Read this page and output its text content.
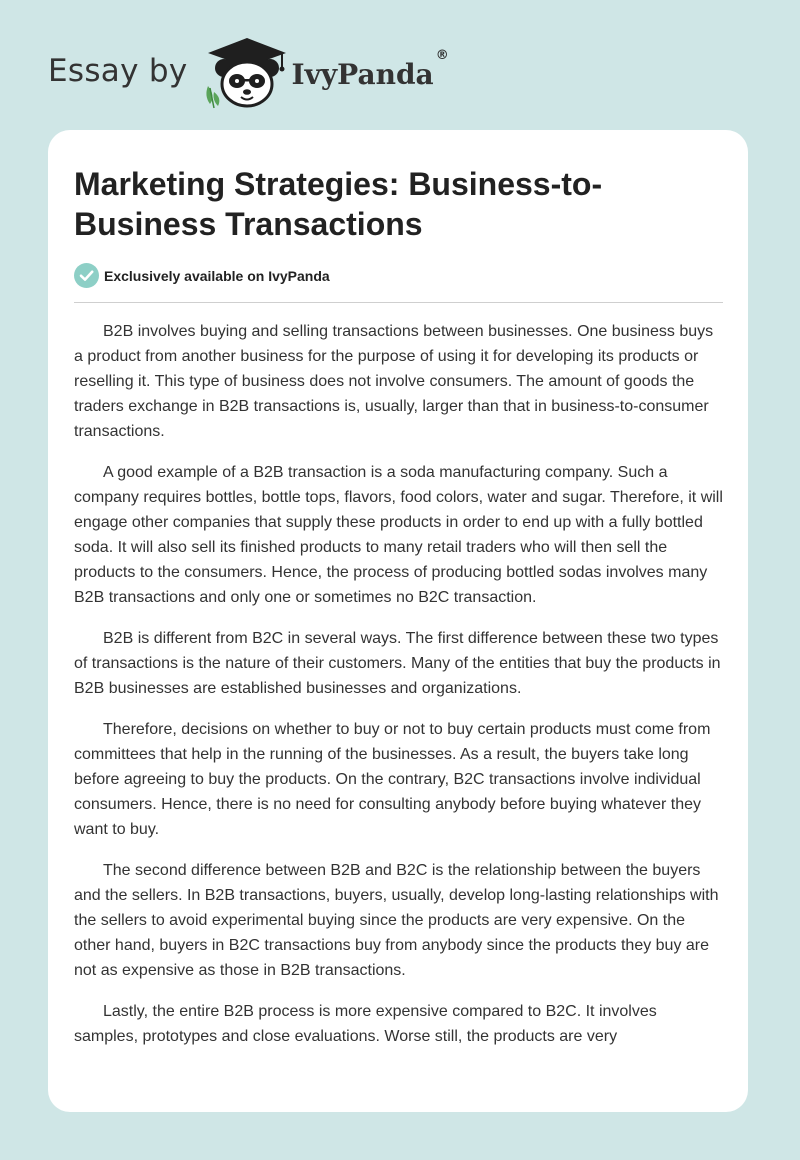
Essay by	IvyPanda®
Marketing Strategies: Business-to-Business Transactions
Exclusively available on IvyPanda

B2B involves buying and selling transactions between businesses. One business buys a product from another business for the purpose of using it for developing its products or reselling it. This type of business does not involve consumers. The amount of goods the traders exchange in B2B transactions is, usually, larger than that in business-to-consumer transactions.

A good example of a B2B transaction is a soda manufacturing company. Such a company requires bottles, bottle tops, flavors, food colors, water and sugar. Therefore, it will engage other companies that supply these products in order to end up with a fully bottled soda. It will also sell its finished products to many retail traders who will then sell the products to the consumers. Hence, the process of producing bottled sodas involves many B2B transactions and only one or sometimes no B2C transaction.

B2B is different from B2C in several ways. The first difference between these two types of transactions is the nature of their customers. Many of the entities that buy the products in B2B businesses are established businesses and organizations.

Therefore, decisions on whether to buy or not to buy certain products must come from committees that help in the running of the businesses. As a result, the buyers take long before agreeing to buy the products. On the contrary, B2C transactions involve individual consumers. Hence, there is no need for consulting anybody before buying whatever they want to buy.

The second difference between B2B and B2C is the relationship between the buyers and the sellers. In B2B transactions, buyers, usually, develop long-lasting relationships with the sellers to avoid experimental buying since the products are very expensive. On the other hand, buyers in B2C transactions buy from anybody since the products they buy are not as expensive as those in B2B transactions.

Lastly, the entire B2B process is more expensive compared to B2C. It involves samples, prototypes and close evaluations. Worse still, the products are very
